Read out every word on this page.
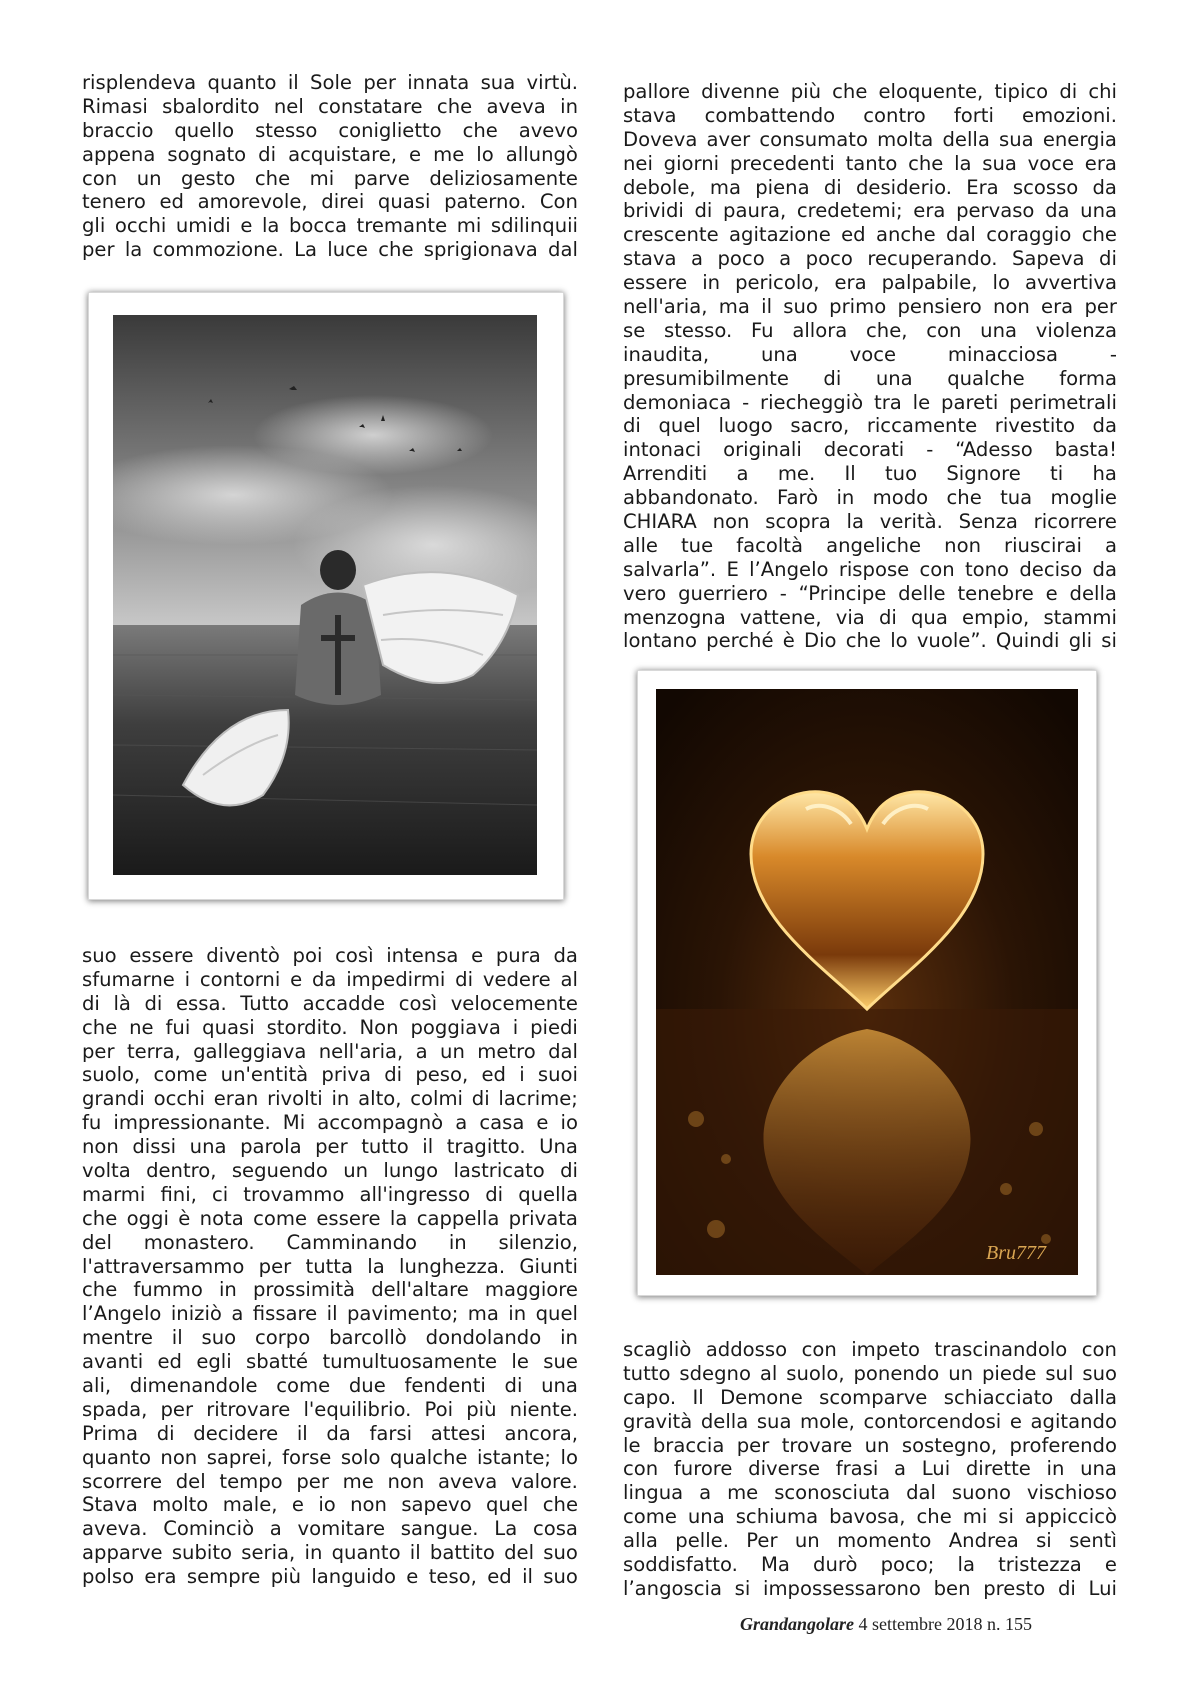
risplendeva quanto il Sole per innata sua virtù.
Rimasi sbalordito nel constatare che aveva in
braccio quello stesso coniglietto che avevo
appena sognato di acquistare, e me lo allungò
con un gesto che mi parve deliziosamente
tenero ed amorevole, direi quasi paterno. Con
gli occhi umidi e la bocca tremante mi sdilinquii
per la commozione. La luce che sprigionava dal
suo essere diventò poi così intensa e pura da
sfumarne i contorni e da impedirmi di vedere al
di là di essa. Tutto accadde così velocemente
che ne fui quasi stordito. Non poggiava i piedi
per terra, galleggiava nell'aria, a un metro dal
suolo, come un'entità priva di peso, ed i suoi
grandi occhi eran rivolti in alto, colmi di lacrime;
fu impressionante. Mi accompagnò a casa e io
non dissi una parola per tutto il tragitto. Una
volta dentro, seguendo un lungo lastricato di
marmi fini, ci trovammo all'ingresso di quella
che oggi è nota come essere la cappella privata
del monastero. Camminando in silenzio,
l'attraversammo per tutta la lunghezza. Giunti
che fummo in prossimità dell'altare maggiore
l’Angelo iniziò a fissare il pavimento; ma in quel
mentre il suo corpo barcollò dondolando in
avanti ed egli sbatté tumultuosamente le sue
ali, dimenandole come due fendenti di una
spada, per ritrovare l'equilibrio. Poi più niente.
Prima di decidere il da farsi attesi ancora,
quanto non saprei, forse solo qualche istante; lo
scorrere del tempo per me non aveva valore.
Stava molto male, e io non sapevo quel che
aveva. Cominciò a vomitare sangue. La cosa
apparve subito seria, in quanto il battito del suo
polso era sempre più languido e teso, ed il suo
pallore divenne più che eloquente, tipico di chi
stava combattendo contro forti emozioni.
Doveva aver consumato molta della sua energia
nei giorni precedenti tanto che la sua voce era
debole, ma piena di desiderio. Era scosso da
brividi di paura, credetemi; era pervaso da una
crescente agitazione ed anche dal coraggio che
stava a poco a poco recuperando. Sapeva di
essere in pericolo, era palpabile, lo avvertiva
nell'aria, ma il suo primo pensiero non era per
se stesso. Fu allora che, con una violenza
inaudita,	una	voce	minacciosa	-
presumibilmente di una qualche forma
demoniaca - riecheggiò tra le pareti perimetrali
di quel luogo sacro, riccamente rivestito da
intonaci originali decorati - “Adesso basta!
Arrenditi a me. Il tuo Signore ti ha
abbandonato. Farò in modo che tua moglie
CHIARA non scopra la verità. Senza ricorrere
alle tue facoltà angeliche non riuscirai a
salvarla”. E l’Angelo rispose con tono deciso da
vero guerriero - “Principe delle tenebre e della
menzogna vattene, via di qua empio, stammi
lontano perché è Dio che lo vuole”. Quindi gli si
Bru777
scagliò addosso con impeto trascinandolo con
tutto sdegno al suolo, ponendo un piede sul suo
capo. Il Demone scomparve schiacciato dalla
gravità della sua mole, contorcendosi e agitando
le braccia per trovare un sostegno, proferendo
con furore diverse frasi a Lui dirette in una
lingua a me sconosciuta dal suono vischioso
come una schiuma bavosa, che mi si appiccicò
alla pelle. Per un momento Andrea si sentì
soddisfatto. Ma durò poco; la tristezza e
l’angoscia si impossessarono ben presto di Lui
Grandangolare 4 settembre 2018 n. 155
